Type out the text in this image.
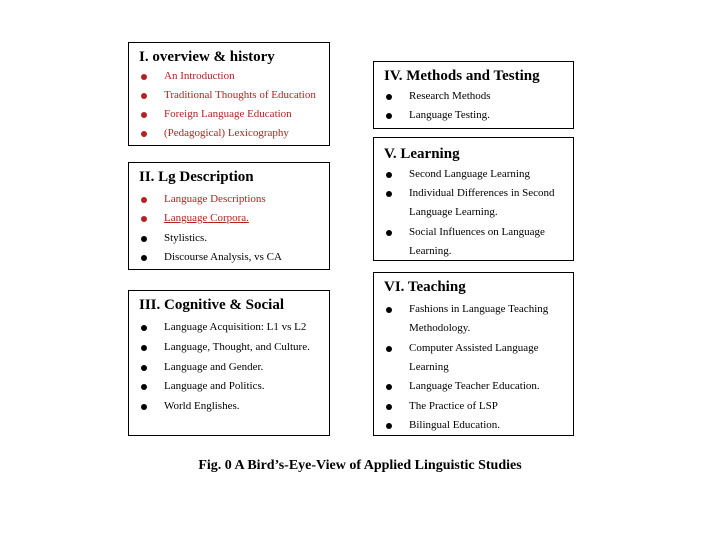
I. overview & history
An Introduction
Traditional Thoughts of Education
Foreign Language Education
(Pedagogical) Lexicography
II. Lg Description
Language Descriptions
Language Corpora.
Stylistics.
Discourse Analysis, vs CA
III. Cognitive & Social
Language Acquisition: L1 vs L2
Language, Thought, and Culture.
Language and Gender.
Language and Politics.
World Englishes.
IV. Methods and Testing
Research Methods
Language Testing.
V. Learning
Second Language Learning
Individual Differences in Second
Language Learning.
Social Influences on Language
Learning.
VI. Teaching
Fashions in Language Teaching
Methodology.
Computer Assisted Language
Learning
Language Teacher Education.
The Practice of LSP
Bilingual Education.
Fig. 0 A Bird’s-Eye-View of Applied Linguistic Studies
